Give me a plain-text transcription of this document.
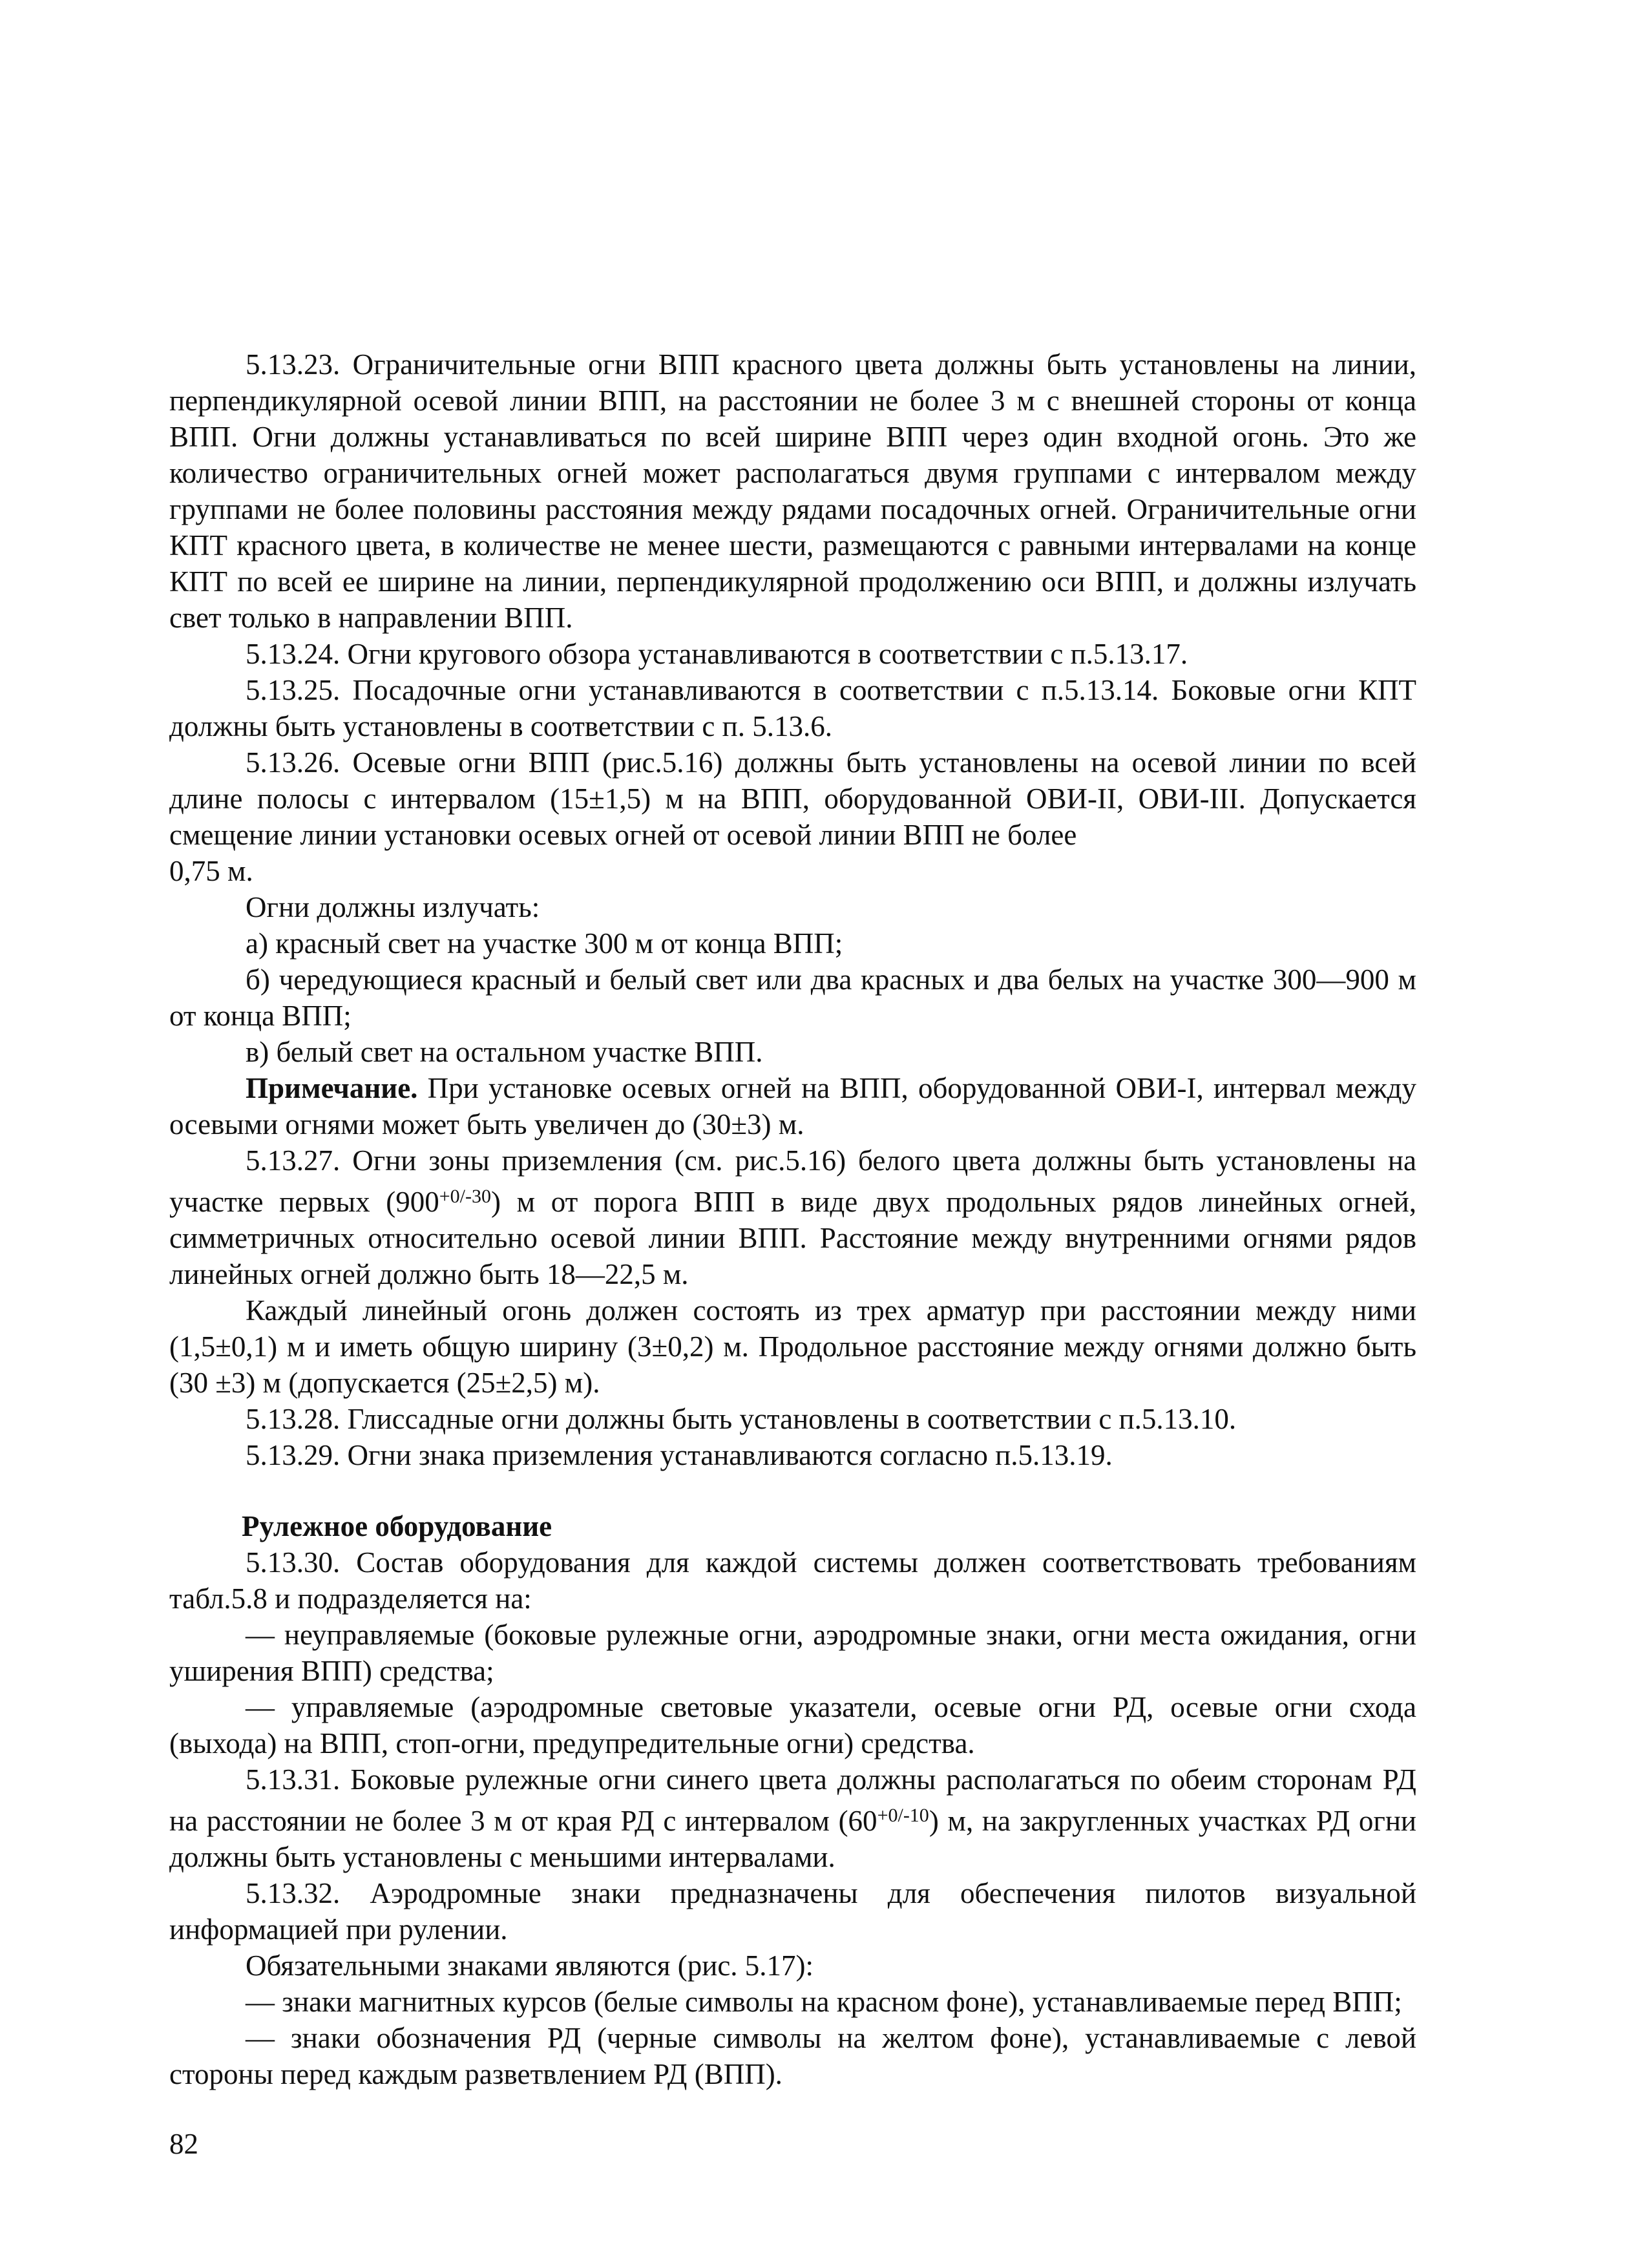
5.13.23. Ограничительные огни ВПП красного цвета должны быть установлены на линии, перпендикулярной осевой линии ВПП, на расстоянии не более 3 м с внешней стороны от конца ВПП. Огни должны устанавливаться по всей ширине ВПП через один входной огонь. Это же количество ограничительных огней может располагаться двумя группами с интервалом между группами не более половины расстояния между рядами посадочных огней. Ограничительные огни КПТ красного цвета, в количестве не менее шести, размещаются с равными интервалами на конце КПТ по всей ее ширине на линии, перпендикулярной продолжению оси ВПП, и должны излучать свет только в направлении ВПП.

5.13.24. Огни кругового обзора устанавливаются в соответствии с п.5.13.17.

5.13.25. Посадочные огни устанавливаются в соответствии с п.5.13.14. Боковые огни КПТ должны быть установлены в соответствии с п. 5.13.6.

5.13.26. Осевые огни ВПП (рис.5.16) должны быть установлены на осевой линии по всей длине полосы с интервалом (15±1,5) м на ВПП, оборудованной ОВИ-II, ОВИ-III. Допускается смещение линии установки осевых огней от осевой линии ВПП не более

0,75 м.

Огни должны излучать:

а) красный свет на участке 300 м от конца ВПП;

б) чередующиеся красный и белый свет или два красных и два белых на участке 300—900 м от конца ВПП;

в) белый свет на остальном участке ВПП.

Примечание. При установке осевых огней на ВПП, оборудованной ОВИ-I, интервал между осевыми огнями может быть увеличен до (30±3) м.

5.13.27. Огни зоны приземления (см. рис.5.16) белого цвета должны быть установлены на участке первых $(900^{+0/-30})$ м от порога ВПП в виде двух продольных рядов линейных огней, симметричных относительно осевой линии ВПП. Расстояние между внутренними огнями рядов линейных огней должно быть 18—22,5 м.

Каждый линейный огонь должен состоять из трех арматур при расстоянии между ними (1,5±0,1) м и иметь общую ширину (3±0,2) м. Продольное расстояние между огнями должно быть (30 ±3) м (допускается (25±2,5) м).

5.13.28. Глиссадные огни должны быть установлены в соответствии с п.5.13.10.

5.13.29. Огни знака приземления устанавливаются согласно п.5.13.19.

Рулежное оборудование

5.13.30. Состав оборудования для каждой системы должен соответствовать требованиям табл.5.8 и подразделяется на:

— неуправляемые (боковые рулежные огни, аэродромные знаки, огни места ожидания, огни уширения ВПП) средства;

— управляемые (аэродромные световые указатели, осевые огни РД, осевые огни схода (выхода) на ВПП, стоп-огни, предупредительные огни) средства.

5.13.31. Боковые рулежные огни синего цвета должны располагаться по обеим сторонам РД на расстоянии не более 3 м от края РД с интервалом $(60^{+0/-10})$ м, на закругленных участках РД огни должны быть установлены с меньшими интервалами.

5.13.32. Аэродромные знаки предназначены для обеспечения пилотов визуальной информацией при рулении.

Обязательными знаками являются (рис. 5.17):

— знаки магнитных курсов (белые символы на красном фоне), устанавливаемые перед ВПП;

— знаки обозначения РД (черные символы на желтом фоне), устанавливаемые с левой стороны перед каждым разветвлением РД (ВПП).

82
